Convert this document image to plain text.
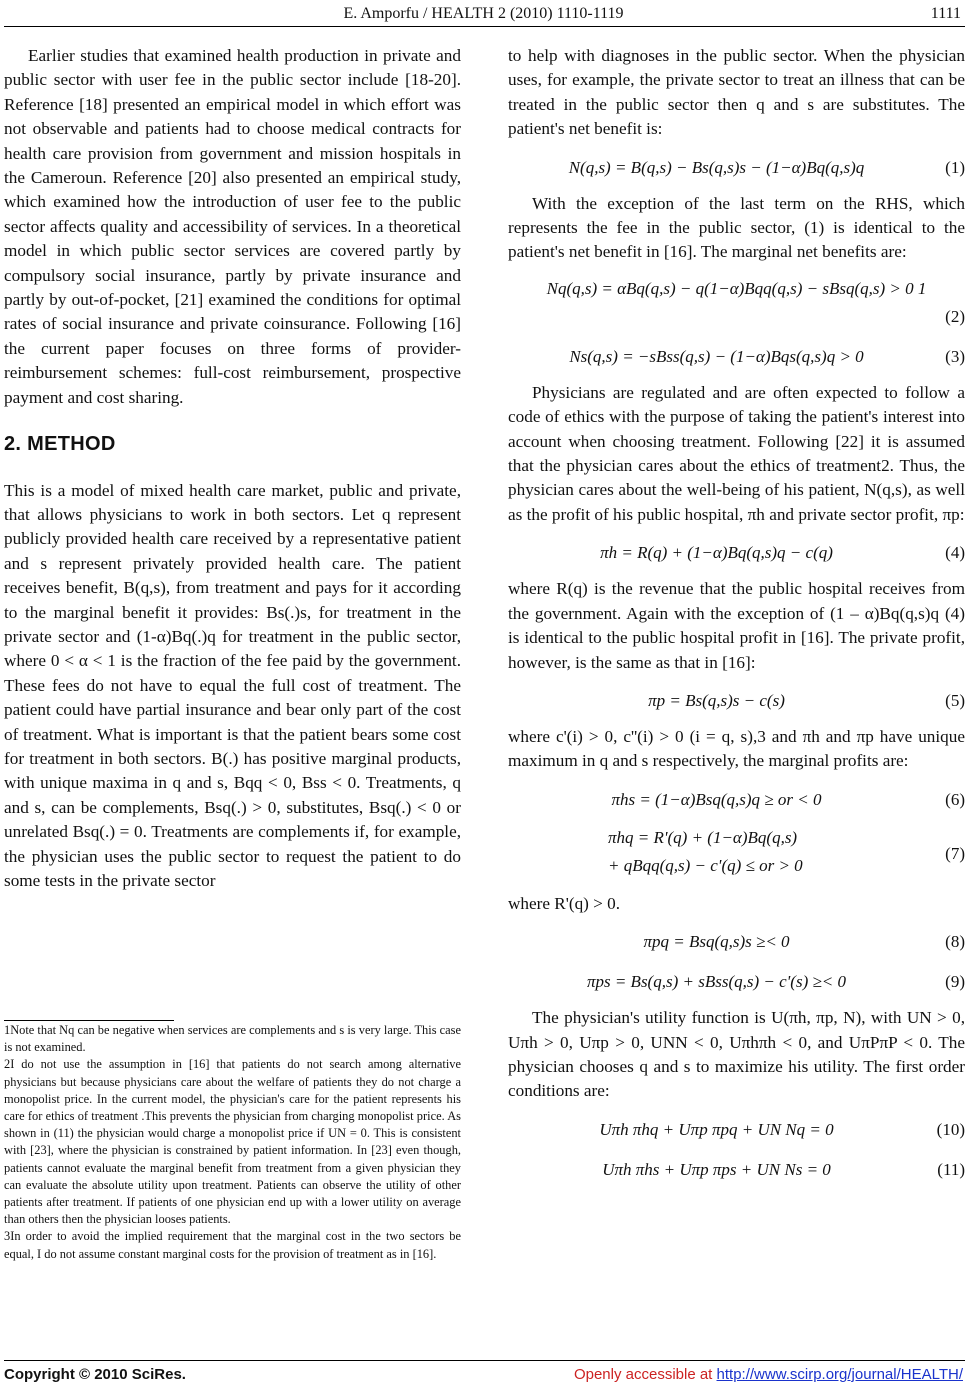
E. Amporfu / HEALTH 2 (2010) 1110-1119	1111

Earlier studies that examined health production in private and public sector with user fee in the public sector include [18-20]. Reference [18] presented an empirical model in which effort was not observable and patients had to choose medical contracts for health care provision from government and mission hospitals in the Cameroun. Reference [20] also presented an empirical study, which examined how the introduction of user fee to the public sector affects quality and accessibility of services. In a theoretical model in which public sector services are covered partly by compulsory social insurance, partly by private insurance and partly by out-of-pocket, [21] examined the conditions for optimal rates of social insurance and private coinsurance. Following [16] the current paper focuses on three forms of provider-reimbursement schemes: full-cost reimbursement, prospective payment and cost sharing.

2. METHOD

This is a model of mixed health care market, public and private, that allows physicians to work in both sectors. Let q represent publicly provided health care received by a representative patient and s represent privately provided health care. The patient receives benefit, B(q,s), from treatment and pays for it according to the marginal benefit it provides: Bs(.)s, for treatment in the private sector and (1-α)Bq(.)q for treatment in the public sector, where 0 < α < 1 is the fraction of the fee paid by the government. These fees do not have to equal the full cost of treatment. The patient could have partial insurance and bear only part of the cost of treatment. What is important is that the patient bears some cost for treatment in both sectors. B(.) has positive marginal products, with unique maxima in q and s, Bqq < 0, Bss < 0. Treatments, q and s, can be complements, Bsq(.) > 0, substitutes, Bsq(.) < 0 or unrelated Bsq(.) = 0. Treatments are complements if, for example, the physician uses the public sector to request the patient to do some tests in the private sector

1Note that Nq can be negative when services are complements and s is very large. This case is not examined.

2I do not use the assumption in [16] that patients do not search among alternative physicians but because physicians care about the welfare of patients they do not charge a monopolist price. In the current model, the physician's care for the patient represents his care for ethics of treatment .This prevents the physician from charging monopolist price. As shown in (11) the physician would charge a monopolist price if UN = 0. This is consistent with [23], where the physician is constrained by patient information. In [23] even though, patients cannot evaluate the marginal benefit from treatment from a given physician they can evaluate the absolute utility upon treatment. Patients can observe the utility of other patients after treatment. If patients of one physician end up with a lower utility on average than others then the physician looses patients.

3In order to avoid the implied requirement that the marginal cost in the two sectors be equal, I do not assume constant marginal costs for the provision of treatment as in [16].

to help with diagnoses in the public sector. When the physician uses, for example, the private sector to treat an illness that can be treated in the public sector then q and s are substitutes. The patient's net benefit is:

N(q,s) = B(q,s) − Bs(q,s)s − (1−α)Bq(q,s)q	(1)

With the exception of the last term on the RHS, which represents the fee in the public sector, (1) is identical to the patient's net benefit in [16]. The marginal net benefits are:

Nq(q,s) = αBq(q,s) − q(1−α)Bqq(q,s) − sBsq(q,s) > 0 1
(2)
Ns(q,s) = −sBss(q,s) − (1−α)Bqs(q,s)q > 0	(3)

Physicians are regulated and are often expected to follow a code of ethics with the purpose of taking the patient's interest into account when choosing treatment. Following [22] it is assumed that the physician cares about the ethics of treatment2. Thus, the physician cares about the well-being of his patient, N(q,s), as well as the profit of his public hospital, πh and private sector profit, πp:

πh = R(q) + (1−α)Bq(q,s)q − c(q)	(4)

where R(q) is the revenue that the public hospital receives from the government. Again with the exception of (1 – α)Bq(q,s)q (4) is identical to the public hospital profit in [16]. The private profit, however, is the same as that in [16]:

πp = Bs(q,s)s − c(s)	(5)

where c'(i) > 0, c''(i) > 0 (i = q, s),3 and πh and πp have unique maximum in q and s respectively, the marginal profits are:

πhs = (1−α)Bsq(q,s)q ≥ or < 0	(6)
πhq = R'(q) + (1−α)Bq(q,s)
+ qBqq(q,s) − c'(q) ≤ or > 0
(7)

where R'(q) > 0.

πpq = Bsq(q,s)s ≥< 0	(8)
πps = Bs(q,s) + sBss(q,s) − c'(s) ≥< 0	(9)

The physician's utility function is U(πh, πp, N), with UN > 0, Uπh > 0, Uπp > 0, UNN < 0, Uπhπh < 0, and UπPπP < 0. The physician chooses q and s to maximize his utility. The first order conditions are:

Uπh πhq + Uπp πpq + UN Nq = 0	(10)
Uπh πhs + Uπp πps + UN Ns = 0	(11)
Copyright © 2010 SciRes.	Openly accessible at http://www.scirp.org/journal/HEALTH/
